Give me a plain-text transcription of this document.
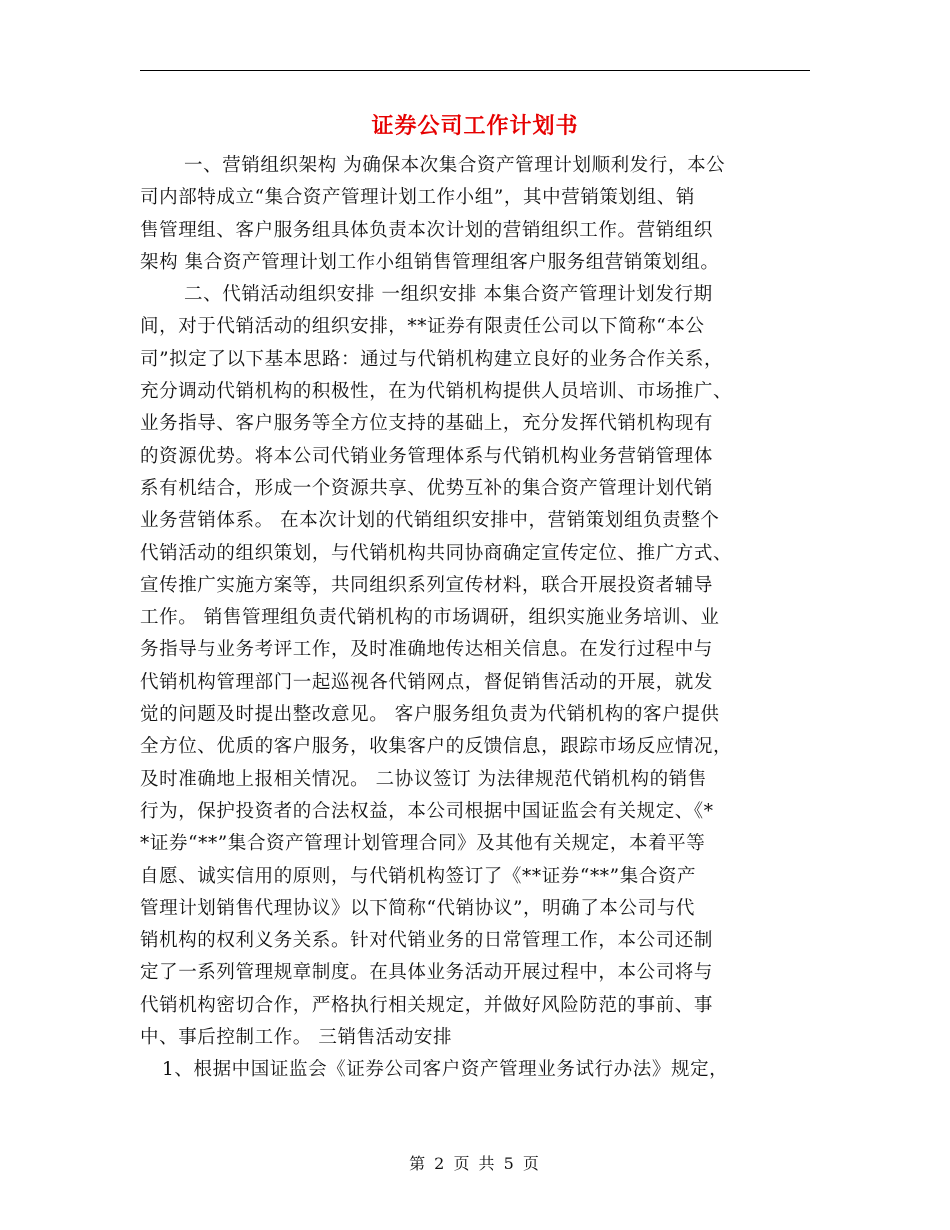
证券公司工作计划书
一、营销组织架构 为确保本次集合资产管理计划顺利发行，本公
司内部特成立“集合资产管理计划工作小组”，其中营销策划组、销
售管理组、客户服务组具体负责本次计划的营销组织工作。营销组织
架构 集合资产管理计划工作小组销售管理组客户服务组营销策划组。
二、代销活动组织安排 一组织安排 本集合资产管理计划发行期
间，对于代销活动的组织安排，**证券有限责任公司以下简称“本公
司”拟定了以下基本思路：通过与代销机构建立良好的业务合作关系，
充分调动代销机构的积极性，在为代销机构提供人员培训、市场推广、
业务指导、客户服务等全方位支持的基础上，充分发挥代销机构现有
的资源优势。将本公司代销业务管理体系与代销机构业务营销管理体
系有机结合，形成一个资源共享、优势互补的集合资产管理计划代销
业务营销体系。 在本次计划的代销组织安排中，营销策划组负责整个
代销活动的组织策划，与代销机构共同协商确定宣传定位、推广方式、
宣传推广实施方案等，共同组织系列宣传材料，联合开展投资者辅导
工作。 销售管理组负责代销机构的市场调研，组织实施业务培训、业
务指导与业务考评工作，及时准确地传达相关信息。在发行过程中与
代销机构管理部门一起巡视各代销网点，督促销售活动的开展，就发
觉的问题及时提出整改意见。 客户服务组负责为代销机构的客户提供
全方位、优质的客户服务，收集客户的反馈信息，跟踪市场反应情况，
及时准确地上报相关情况。 二协议签订 为法律规范代销机构的销售
行为，保护投资者的合法权益，本公司根据中国证监会有关规定、《*
*证券“**”集合资产管理计划管理合同》及其他有关规定，本着平等
自愿、诚实信用的原则，与代销机构签订了《**证券“**”集合资产
管理计划销售代理协议》以下简称“代销协议”，明确了本公司与代
销机构的权利义务关系。针对代销业务的日常管理工作，本公司还制
定了一系列管理规章制度。在具体业务活动开展过程中，本公司将与
代销机构密切合作，严格执行相关规定，并做好风险防范的事前、事
中、事后控制工作。 三销售活动安排
1、根据中国证监会《证券公司客户资产管理业务试行办法》规定，
第 2 页 共 5 页
